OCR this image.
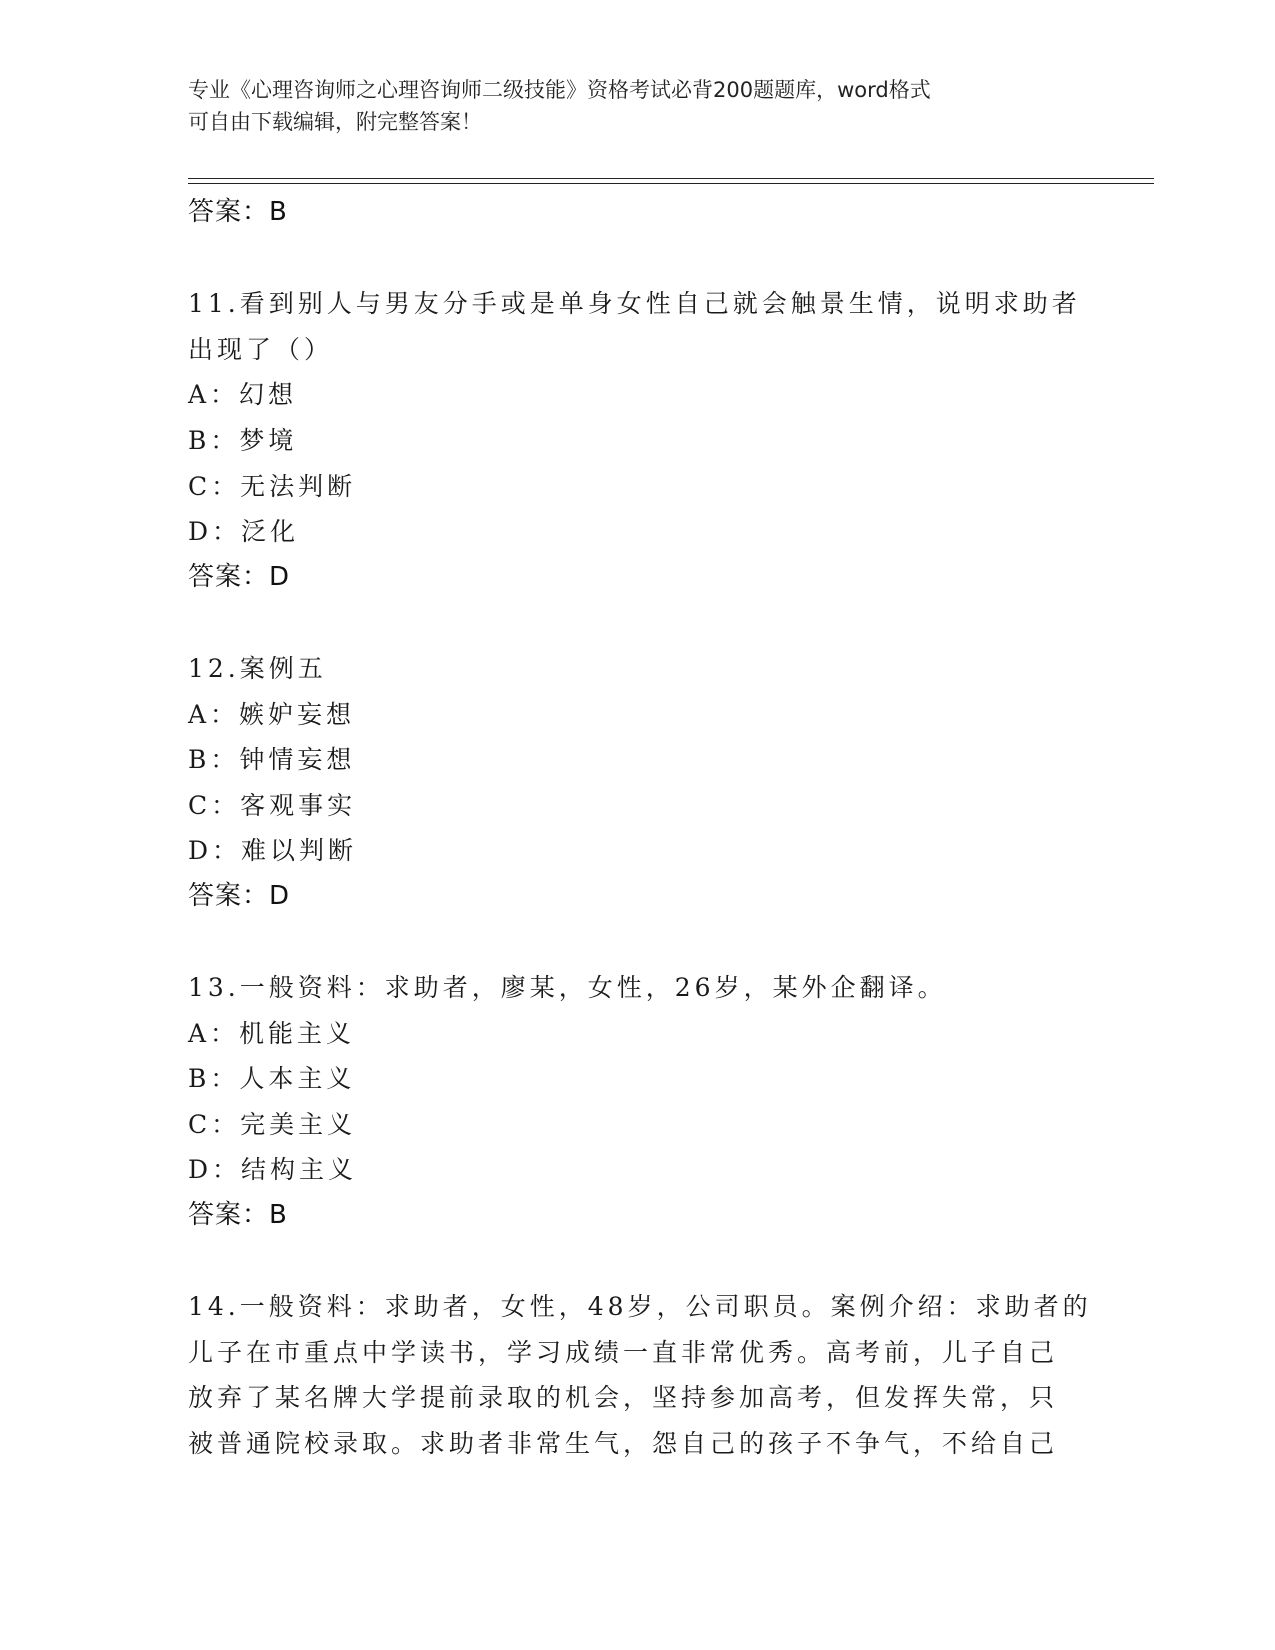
专业《心理咨询师之心理咨询师二级技能》资格考试必背200题题库，word格式
可自由下载编辑，附完整答案！
答案：B
11.看到别人与男友分手或是单身女性自己就会触景生情，说明求助者
出现了（）
A：幻想
B：梦境
C：无法判断
D：泛化
答案：D
12.案例五
A：嫉妒妄想
B：钟情妄想
C：客观事实
D：难以判断
答案：D
13.一般资料：求助者，廖某，女性，26岁，某外企翻译。
A：机能主义
B：人本主义
C：完美主义
D：结构主义
答案：B
14.一般资料：求助者，女性，48岁，公司职员。案例介绍：求助者的
儿子在市重点中学读书，学习成绩一直非常优秀。高考前，儿子自己
放弃了某名牌大学提前录取的机会，坚持参加高考，但发挥失常，只
被普通院校录取。求助者非常生气，怨自己的孩子不争气，不给自己
